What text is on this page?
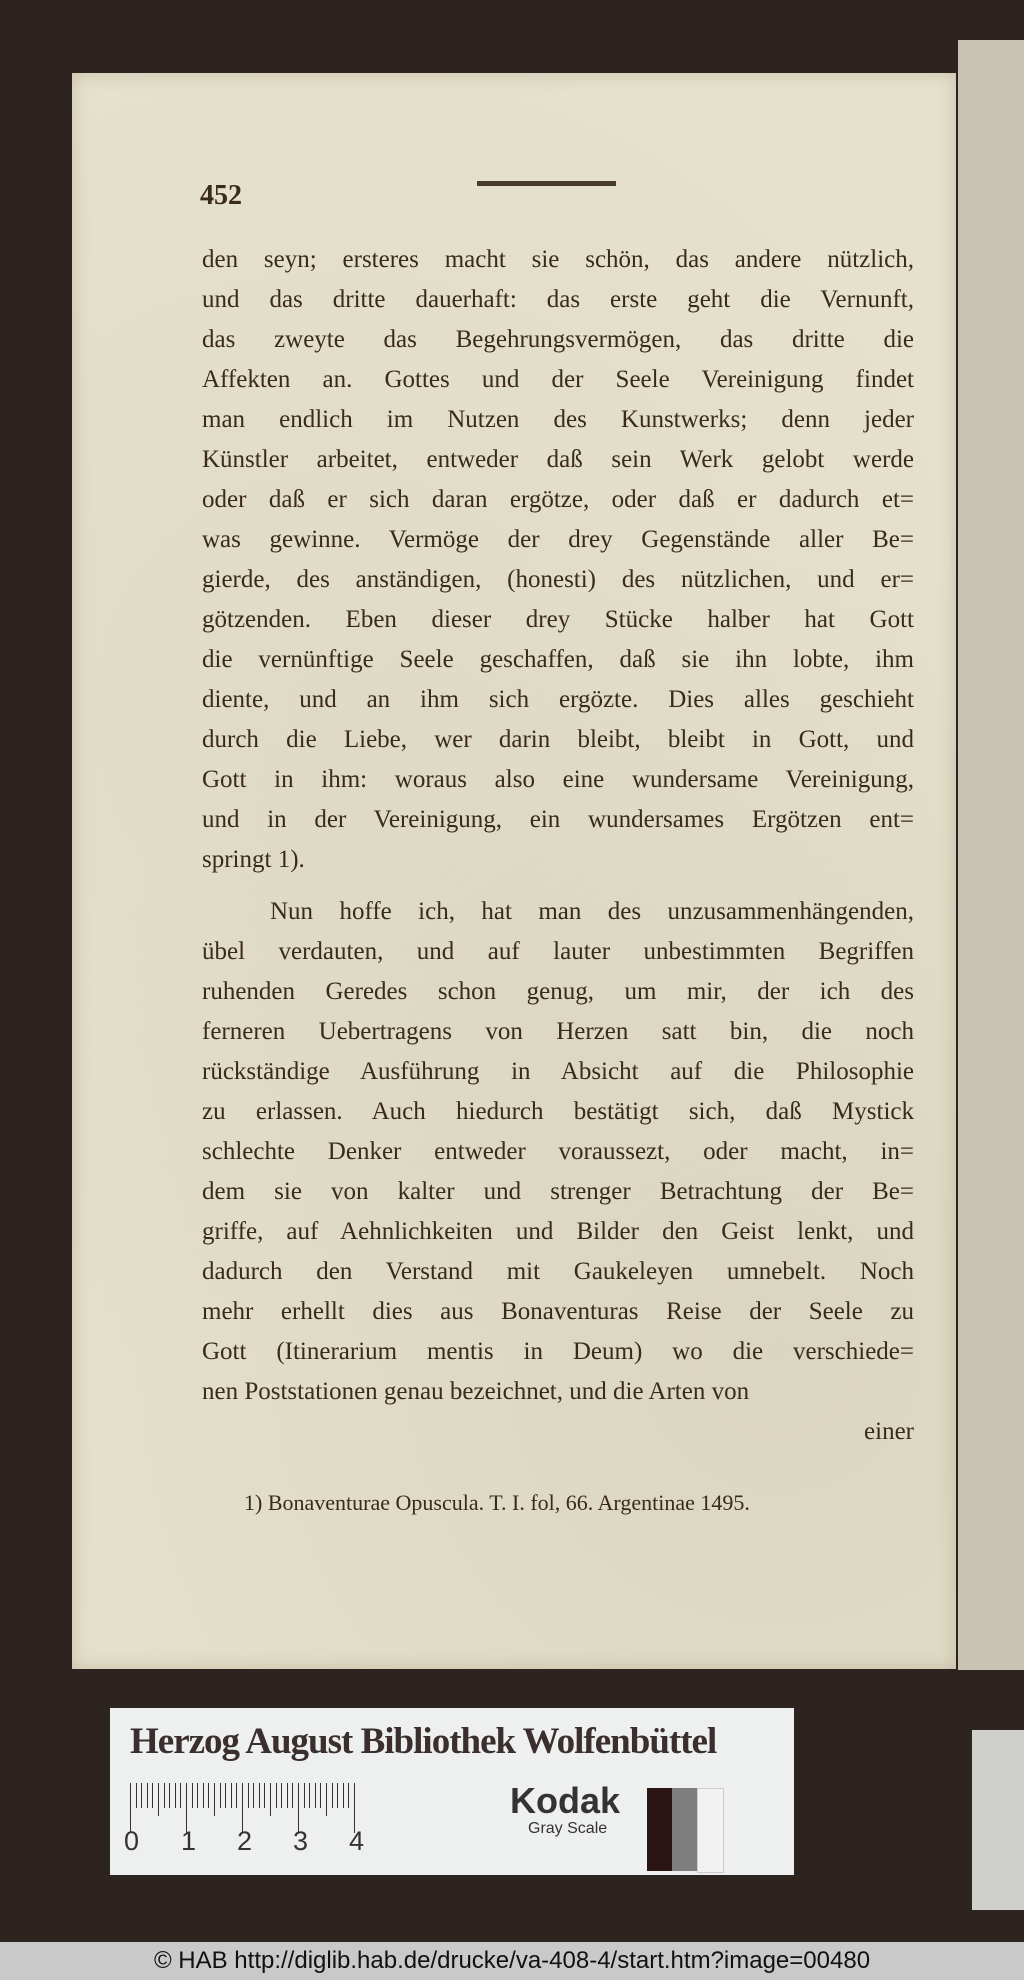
452
den seyn; ersteres macht sie schön, das andere nützlich,
und das dritte dauerhaft: das erste geht die Vernunft,
das zweyte das Begehrungsvermögen, das dritte die
Affekten an. Gottes und der Seele Vereinigung findet
man endlich im Nutzen des Kunstwerks; denn jeder
Künstler arbeitet, entweder daß sein Werk gelobt werde
oder daß er sich daran ergötze, oder daß er dadurch et=
was gewinne. Vermöge der drey Gegenstände aller Be=
gierde, des anständigen, (honesti) des nützlichen, und er=
götzenden. Eben dieser drey Stücke halber hat Gott
die vernünftige Seele geschaffen, daß sie ihn lobte, ihm
diente, und an ihm sich ergözte. Dies alles geschieht
durch die Liebe, wer darin bleibt, bleibt in Gott, und
Gott in ihm: woraus also eine wundersame Vereinigung,
und in der Vereinigung, ein wundersames Ergötzen ent=
springt 1).
Nun hoffe ich, hat man des unzusammenhängenden,
übel verdauten, und auf lauter unbestimmten Begriffen
ruhenden Geredes schon genug, um mir, der ich des
ferneren Uebertragens von Herzen satt bin, die noch
rückständige Ausführung in Absicht auf die Philosophie
zu erlassen. Auch hiedurch bestätigt sich, daß Mystick
schlechte Denker entweder voraussezt, oder macht, in=
dem sie von kalter und strenger Betrachtung der Be=
griffe, auf Aehnlichkeiten und Bilder den Geist lenkt, und
dadurch den Verstand mit Gaukeleyen umnebelt. Noch
mehr erhellt dies aus Bonaventuras Reise der Seele zu
Gott (Itinerarium mentis in Deum) wo die verschiede=
nen Poststationen genau bezeichnet, und die Arten von
einer
1) Bonaventurae Opuscula. T. I. fol, 66. Argentinae 1495.
Herzog August Bibliothek Wolfenbüttel
0 1 2 3 4
Kodak
Gray Scale
© HAB http://diglib.hab.de/drucke/va-408-4/start.htm?image=00480
